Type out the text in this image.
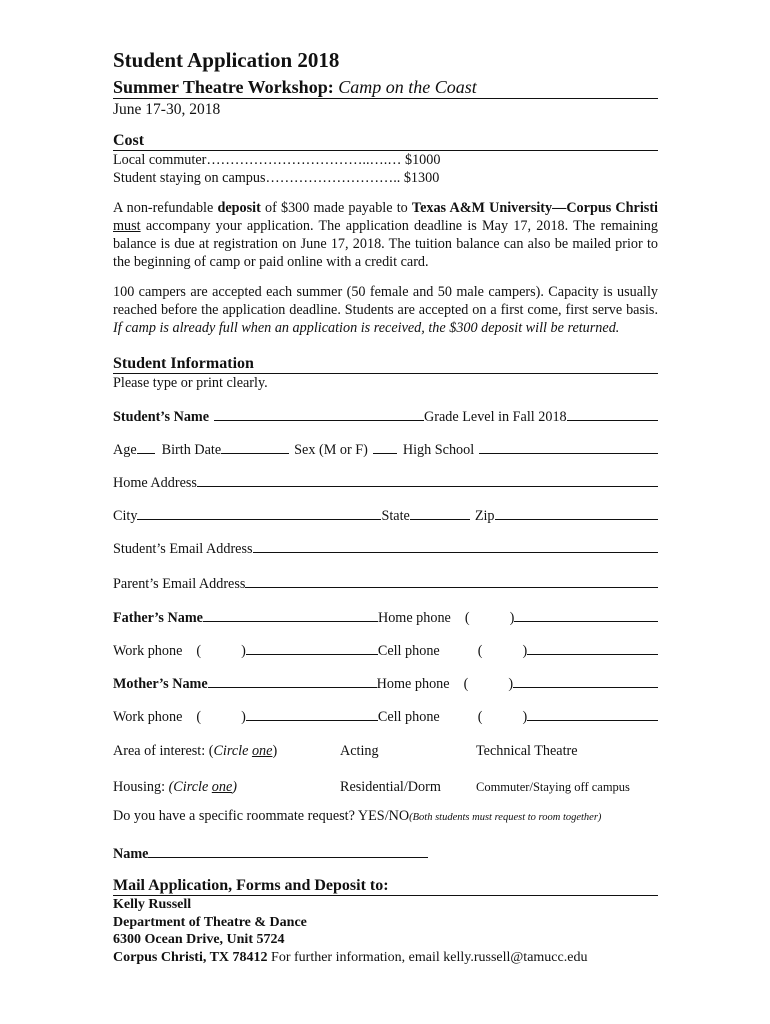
Student Application 2018
Summer Theatre Workshop: Camp on the Coast
June 17-30, 2018
Cost
Local commuter……………………………..….… $1000
Student staying on campus……………………….. $1300

A non-refundable deposit of $300 made payable to Texas A&M University—Corpus Christi must accompany your application. The application deadline is May 17, 2018. The remaining balance is due at registration on June 17, 2018. The tuition balance can also be mailed prior to the beginning of camp or paid online with a credit card.

100 campers are accepted each summer (50 female and 50 male campers). Capacity is usually reached before the application deadline. Students are accepted on a first come, first serve basis. If camp is already full when an application is received, the $300 deposit will be returned.

Student Information
Please type or print clearly.
Student’s Name	Grade Level in Fall 2018
Age Birth Date	Sex (M or F) High School
Home Address
City	State	Zip
Student’s Email Address
Parent’s Email Address
Father’s Name	Home phone (	)
Work phone (	)	Cell phone	(	)
Mother’s Name	Home phone (	)
Work phone (	)	Cell phone	(	)
Area of interest: (Circle one)	Acting	Technical Theatre
Housing: (Circle one)	Residential/Dorm	Commuter/Staying off campus
Do you have a specific roommate request? YES/NO (Both students must request to room together)
Name
Mail Application, Forms and Deposit to:
Kelly Russell
Department of Theatre & Dance
6300 Ocean Drive, Unit 5724
Corpus Christi, TX 78412 For further information, email kelly.russell@tamucc.edu
